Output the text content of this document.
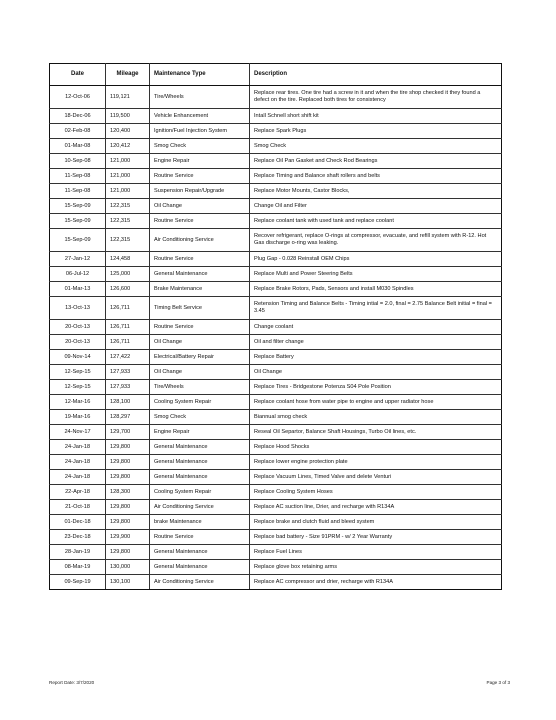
Date	Mileage	Maintenance Type	Description
12-Oct-06	119,121	Tire/Wheels	Replace rear tires. One tire had a screw in it and when the tire shop checked it they found a defect on the tire. Replaced both tires for consistency
18-Dec-06	119,500	Vehicle Enhancement	Intall Schnell short shift kit
02-Feb-08	120,400	Ignition/Fuel Injection System	Replace Spark Plugs
01-Mar-08	120,412	Smog Check	Smog Check
10-Sep-08	121,000	Engine Repair	Replace Oil Pan Gasket and Check Rod Bearings
11-Sep-08	121,000	Routine Service	Replace Timing and Balance shaft rollers and belts
11-Sep-08	121,000	Suspension Repair/Upgrade	Replace Motor Mounts, Castor Blocks,
15-Sep-09	122,315	Oil Change	Change Oil and Filter
15-Sep-09	122,315	Routine Service	Replace coolant tank with used tank and replace coolant
15-Sep-09	122,315	Air Conditioning Service	Recover refrigerant, replace O-rings at compressor, evacuate, and refill system with R-12. Hot Gas discharge o-ring was leaking.
27-Jan-12	124,458	Routine Service	Plug Gap - 0.028 Reinstall OEM Chips
06-Jul-12	125,000	General Maintenance	Replace Multi and Power Steering Belts
01-Mar-13	126,600	Brake Maintenance	Replace Brake Rotors, Pads, Sensors and install M030 Spindles
13-Oct-13	126,711	Timing Belt Service	Retension Timing and Balance Belts - Timing intial = 2.0, final = 2.75 Balance Belt initial = final = 3.45
20-Oct-13	126,711	Routine Service	Change coolant
20-Oct-13	126,711	Oil Change	Oil and filter change
09-Nov-14	127,422	Electrical/Battery Repair	Replace Battery
12-Sep-15	127,933	Oil Change	Oil Change
12-Sep-15	127,933	Tire/Wheels	Replace Tires - Bridgestone Potenza S04 Pole Position
12-Mar-16	128,100	Cooling System Repair	Replace coolant hose from water pipe to engine and upper radiator hose
19-Mar-16	128,297	Smog Check	Biannual smog check
24-Nov-17	129,700	Engine Repair	Reseal Oil Separtor, Balance Shaft Housings, Turbo Oil lines, etc.
24-Jan-18	129,800	General Maintenance	Replace Hood Shocks
24-Jan-18	129,800	General Maintenance	Replace lower engine protection plate
24-Jan-18	129,800	General Maintenance	Replace Vacuum Lines, Timed Valve and delete Venturi
22-Apr-18	128,300	Cooling System Repair	Replace Cooling System Hoses
21-Oct-18	129,800	Air Conditioning Service	Replace AC suction line, Drier, and recharge with R134A
01-Dec-18	129,800	brake Maintenance	Replace brake and clutch fluid and bleed system
23-Dec-18	129,900	Routine Service	Replace bad battery - Size 91PRM - w/ 2 Year Warranty
28-Jan-19	129,800	General Maintenance	Replace Fuel Lines
08-Mar-19	130,000	General Maintenance	Replace glove box retaining arms
09-Sep-19	130,100	Air Conditioning Service	Replace AC compressor and drier, recharge with R134A
Report Date: 3/7/2020	Page 3 of 3
